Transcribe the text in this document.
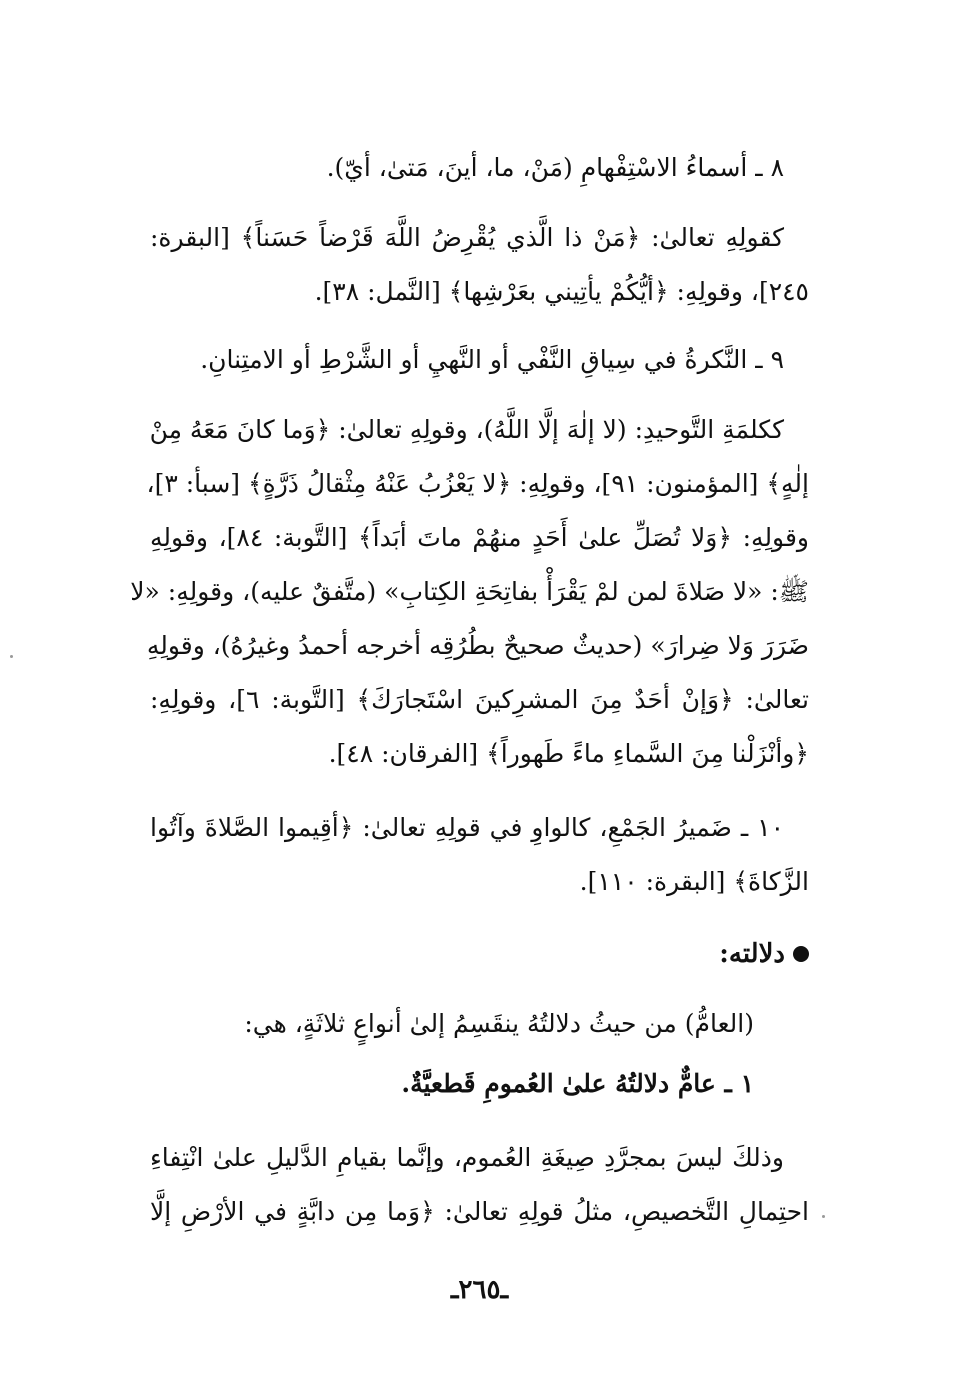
٨ ـ أسماءُ الاسْتِفْهامِ (مَنْ، ما، أينَ، مَتىٰ، أيّ).
كقولِهِ تعالىٰ: ﴿مَنْ ذا الَّذي يُقْرِضُ اللَّهَ قَرْضاً حَسَناً﴾ [البقرة:
٢٤٥]، وقولِهِ: ﴿أيُّكُمْ يأتِيني بعَرْشِها﴾ [النَّمل: ٣٨].
٩ ـ النَّكرةُ في سِياقِ النَّفْي أو النَّهيِ أو الشَّرْطِ أو الامتِنانِ.
ككلمَةِ التَّوحيدِ: (لا إلٰهَ إلَّا اللَّهُ)، وقولِهِ تعالىٰ: ﴿وَما كانَ مَعَهُ مِنْ
إلٰهٍ﴾ [المؤمنون: ٩١]، وقولِهِ: ﴿لا يَعْزُبُ عَنْهُ مِثْقالُ ذَرَّةٍ﴾ [سبأ: ٣]،
وقولِهِ: ﴿وَلا تُصَلِّ علىٰ أَحَدٍ منهُمْ ماتَ أبَداً﴾ [التَّوبة: ٨٤]، وقولِهِ
ﷺ: «لا صَلاةَ لمن لمْ يَقْرَأْ بفاتِحَةِ الكِتابِ» (متَّفقٌ عليه)، وقولِهِ: «لا
ضَرَرَ وَلا ضِرارَ» (حديثٌ صحيحٌ بطُرُقِه أخرجه أحمدُ وغيرُهُ)، وقولِهِ
تعالىٰ: ﴿وَإنْ أحَدٌ مِنَ المشرِكينَ اسْتَجارَكَ﴾ [التَّوبة: ٦]، وقولِهِ:
﴿وأنْزَلْنا مِنَ السَّماءِ ماءً طَهوراً﴾ [الفرقان: ٤٨].
١٠ ـ ضَميرُ الجَمْعِ، كالواوِ في قولِهِ تعالىٰ: ﴿أقِيموا الصَّلاةَ وآتُوا
الزَّكاةَ﴾ [البقرة: ١١٠].
دلالته:
(العامُّ) من حيثُ دلالتُهُ ينقَسِمُ إلىٰ أنواعٍ ثلاثَةٍ، هي:
١ ـ عامٌّ دلالتُهُ علىٰ العُمومِ قَطعيَّةٌ.
وذلكَ ليسَ بمجرَّدِ صِيغَةِ العُموم، وإنَّما بقيامِ الدَّليلِ علىٰ انْتِفاءِ
احتِمالِ التَّخصيصِ، مثلُ قولِهِ تعالىٰ: ﴿وَما مِن دابَّةٍ في الأرْضِ إلَّا
ـ٢٦٥ـ
